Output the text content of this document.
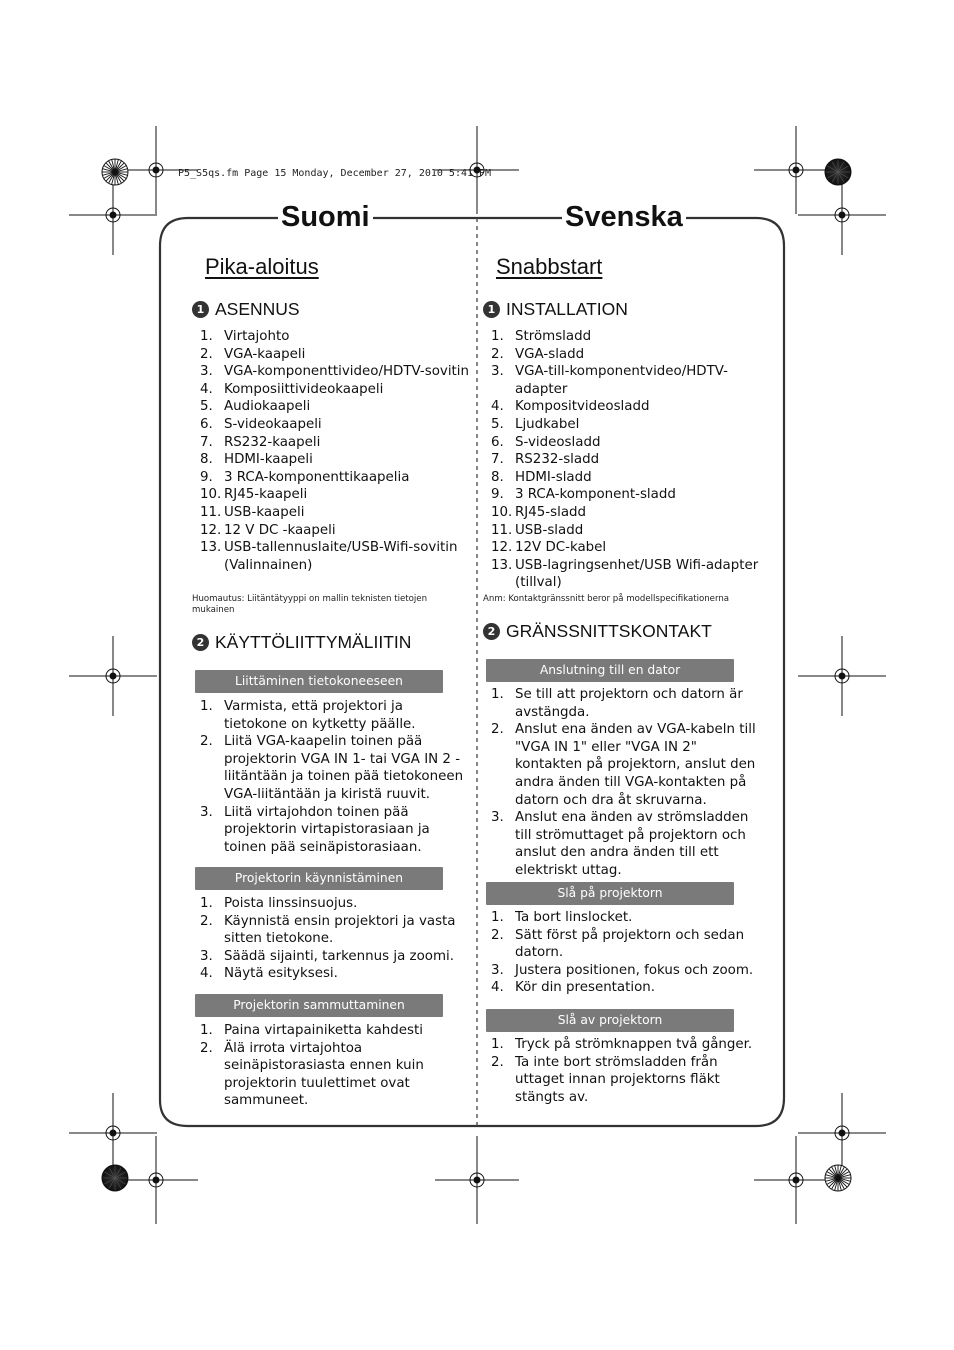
P5_S5qs.fm Page 15 Monday, December 27, 2010 5:41 PM
Suomi	Svenska
Pika-aloitus
1 ASENNUS
1. Virtajohto
2. VGA-kaapeli
3. VGA-komponenttivideo/HDTV-sovitin
4. Komposiittivideokaapeli
5. Audiokaapeli
6. S-videokaapeli
7. RS232-kaapeli
8. HDMI-kaapeli
9. 3 RCA-komponenttikaapelia
10. RJ45-kaapeli
11. USB-kaapeli
12. 12 V DC -kaapeli
13. USB-tallennuslaite/USB-Wifi-sovitin (Valinnainen)
Huomautus: Liitäntätyyppi on mallin teknisten tietojen mukainen
2 KÄYTTÖLIITTYMÄLIITIN
Liittäminen tietokoneeseen
1. Varmista, että projektori ja tietokone on kytketty päälle.
2. Liitä VGA-kaapelin toinen pää projektorin VGA IN 1- tai VGA IN 2 -liitäntään ja toinen pää tietokoneen VGA-liitäntään ja kiristä ruuvit.
3. Liitä virtajohdon toinen pää projektorin virtapistorasiaan ja toinen pää seinäpistorasiaan.
Projektorin käynnistäminen
1. Poista linssinsuojus.
2. Käynnistä ensin projektori ja vasta sitten tietokone.
3. Säädä sijainti, tarkennus ja zoomi.
4. Näytä esityksesi.
Projektorin sammuttaminen
1. Paina virtapainiketta kahdesti
2. Älä irrota virtajohtoa seinäpistorasiasta ennen kuin projektorin tuulettimet ovat sammuneet.
Snabbstart
1 INSTALLATION
1. Strömsladd
2. VGA-sladd
3. VGA-till-komponentvideo/HDTV-adapter
4. Kompositvideosladd
5. Ljudkabel
6. S-videosladd
7. RS232-sladd
8. HDMI-sladd
9. 3 RCA-komponent-sladd
10. RJ45-sladd
11. USB-sladd
12. 12V DC-kabel
13. USB-lagringsenhet/USB Wifi-adapter (tillval)
Anm: Kontaktgränssnitt beror på modellspecifikationerna
2 GRÄNSSNITTSKONTAKT
Anslutning till en dator
1. Se till att projektorn och datorn är avstängda.
2. Anslut ena änden av VGA-kabeln till "VGA IN 1" eller "VGA IN 2" kontakten på projektorn, anslut den andra änden till VGA-kontakten på datorn och dra åt skruvarna.
3. Anslut ena änden av strömsladden till strömuttaget på projektorn och anslut den andra änden till ett elektriskt uttag.
Slå på projektorn
1. Ta bort linslocket.
2. Sätt först på projektorn och sedan datorn.
3. Justera positionen, fokus och zoom.
4. Kör din presentation.
Slå av projektorn
1. Tryck på strömknappen två gånger.
2. Ta inte bort strömsladden från uttaget innan projektorns fläkt stängts av.
